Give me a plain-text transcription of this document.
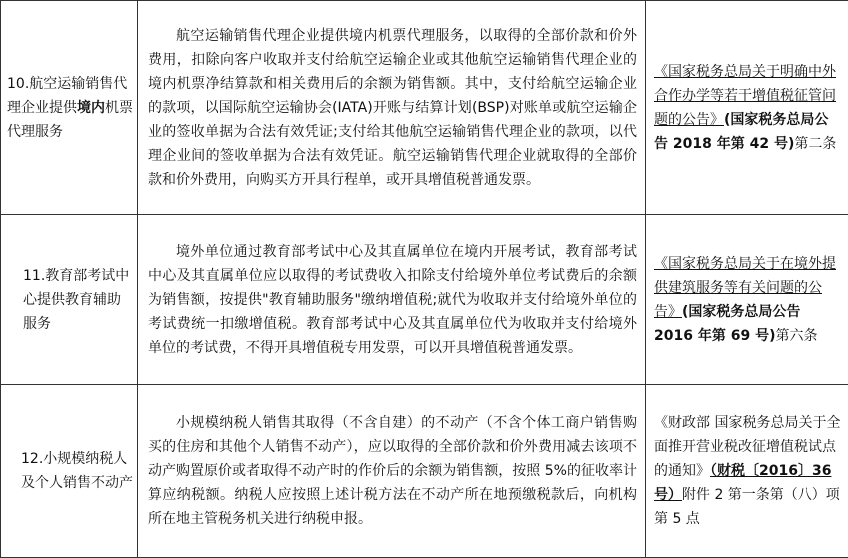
10.航空运输销售代理企业提供境内机票代理服务	航空运输销售代理企业提供境内机票代理服务，以取得的全部价款和价外费用，扣除向客户收取并支付给航空运输企业或其他航空运输销售代理企业的境内机票净结算款和相关费用后的余额为销售额。其中，支付给航空运输企业的款项，以国际航空运输协会(IATA)开账与结算计划(BSP)对账单或航空运输企业的签收单据为合法有效凭证;支付给其他航空运输销售代理企业的款项，以代理企业间的签收单据为合法有效凭证。航空运输销售代理企业就取得的全部价款和价外费用，向购买方开具行程单，或开具增值税普通发票。	《国家税务总局关于明确中外合作办学等若干增值税征管问题的公告》(国家税务总局公告 2018 年第 42 号)第二条
11.教育部考试中心提供教育辅助服务	境外单位通过教育部考试中心及其直属单位在境内开展考试，教育部考试中心及其直属单位应以取得的考试费收入扣除支付给境外单位考试费后的余额为销售额，按提供"教育辅助服务"缴纳增值税;就代为收取并支付给境外单位的考试费统一扣缴增值税。教育部考试中心及其直属单位代为收取并支付给境外单位的考试费，不得开具增值税专用发票，可以开具增值税普通发票。	《国家税务总局关于在境外提供建筑服务等有关问题的公告》(国家税务总局公告 2016 年第 69 号)第六条
12.小规模纳税人及个人销售不动产	小规模纳税人销售其取得（不含自建）的不动产（不含个体工商户销售购买的住房和其他个人销售不动产），应以取得的全部价款和价外费用减去该项不动产购置原价或者取得不动产时的作价后的余额为销售额，按照 5%的征收率计算应纳税额。纳税人应按照上述计税方法在不动产所在地预缴税款后，向机构所在地主管税务机关进行纳税申报。	《财政部 国家税务总局关于全面推开营业税改征增值税试点的通知》（财税〔2016〕36 号）附件 2 第一条第（八）项第 5 点
